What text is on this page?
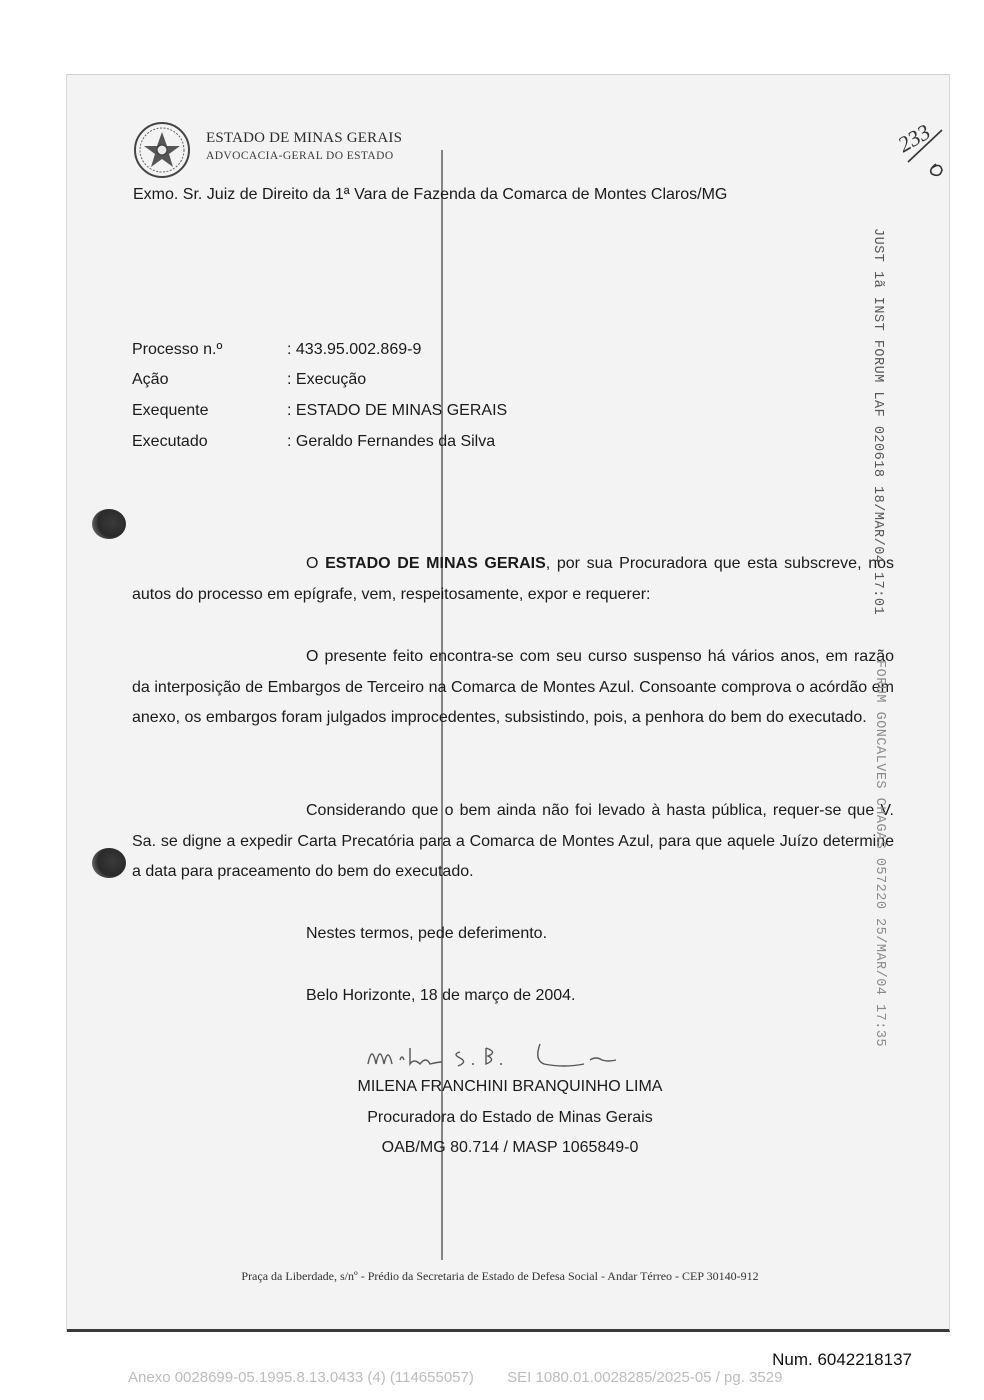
ESTADO DE MINAS GERAIS
ADVOCACIA-GERAL DO ESTADO	233
Exmo. Sr. Juiz de Direito da 1ª Vara de Fazenda da Comarca de Montes Claros/MG
Processo n.º	: 433.95.002.869-9
Ação	: Execução
Exequente	: ESTADO DE MINAS GERAIS
Executado	: Geraldo Fernandes da Silva
O ESTADO DE MINAS GERAIS, por sua Procuradora que esta subscreve, nos autos do processo em epígrafe, vem, respeitosamente, expor e requerer:
O presente feito encontra-se com seu curso suspenso há vários anos, em razão da interposição de Embargos de Terceiro na Comarca de Montes Azul. Consoante comprova o acórdão em anexo, os embargos foram julgados improcedentes, subsistindo, pois, a penhora do bem do executado.
Considerando que o bem ainda não foi levado à hasta pública, requer-se que V. Sa. se digne a expedir Carta Precatória para a Comarca de Montes Azul, para que aquele Juízo determine a data para praceamento do bem do executado.
Nestes termos, pede deferimento.
Belo Horizonte, 18 de março de 2004.
MILENA FRANCHINI BRANQUINHO LIMA
Procuradora do Estado de Minas Gerais
OAB/MG 80.714 / MASP 1065849-0
JUST 1ã INST FORUM LAF 020618 18/MAR/04 17:01
FORUM GONCALVES CHAGAS 057220 25/MAR/04 17:35
Praça da Liberdade, s/nº - Prédio da Secretaria de Estado de Defesa Social - Andar Térreo - CEP 30140-912
Num. 6042218137
Anexo 0028699-05.1995.8.13.0433 (4) (114655057)        SEI 1080.01.0028285/2025-05 / pg. 3529
